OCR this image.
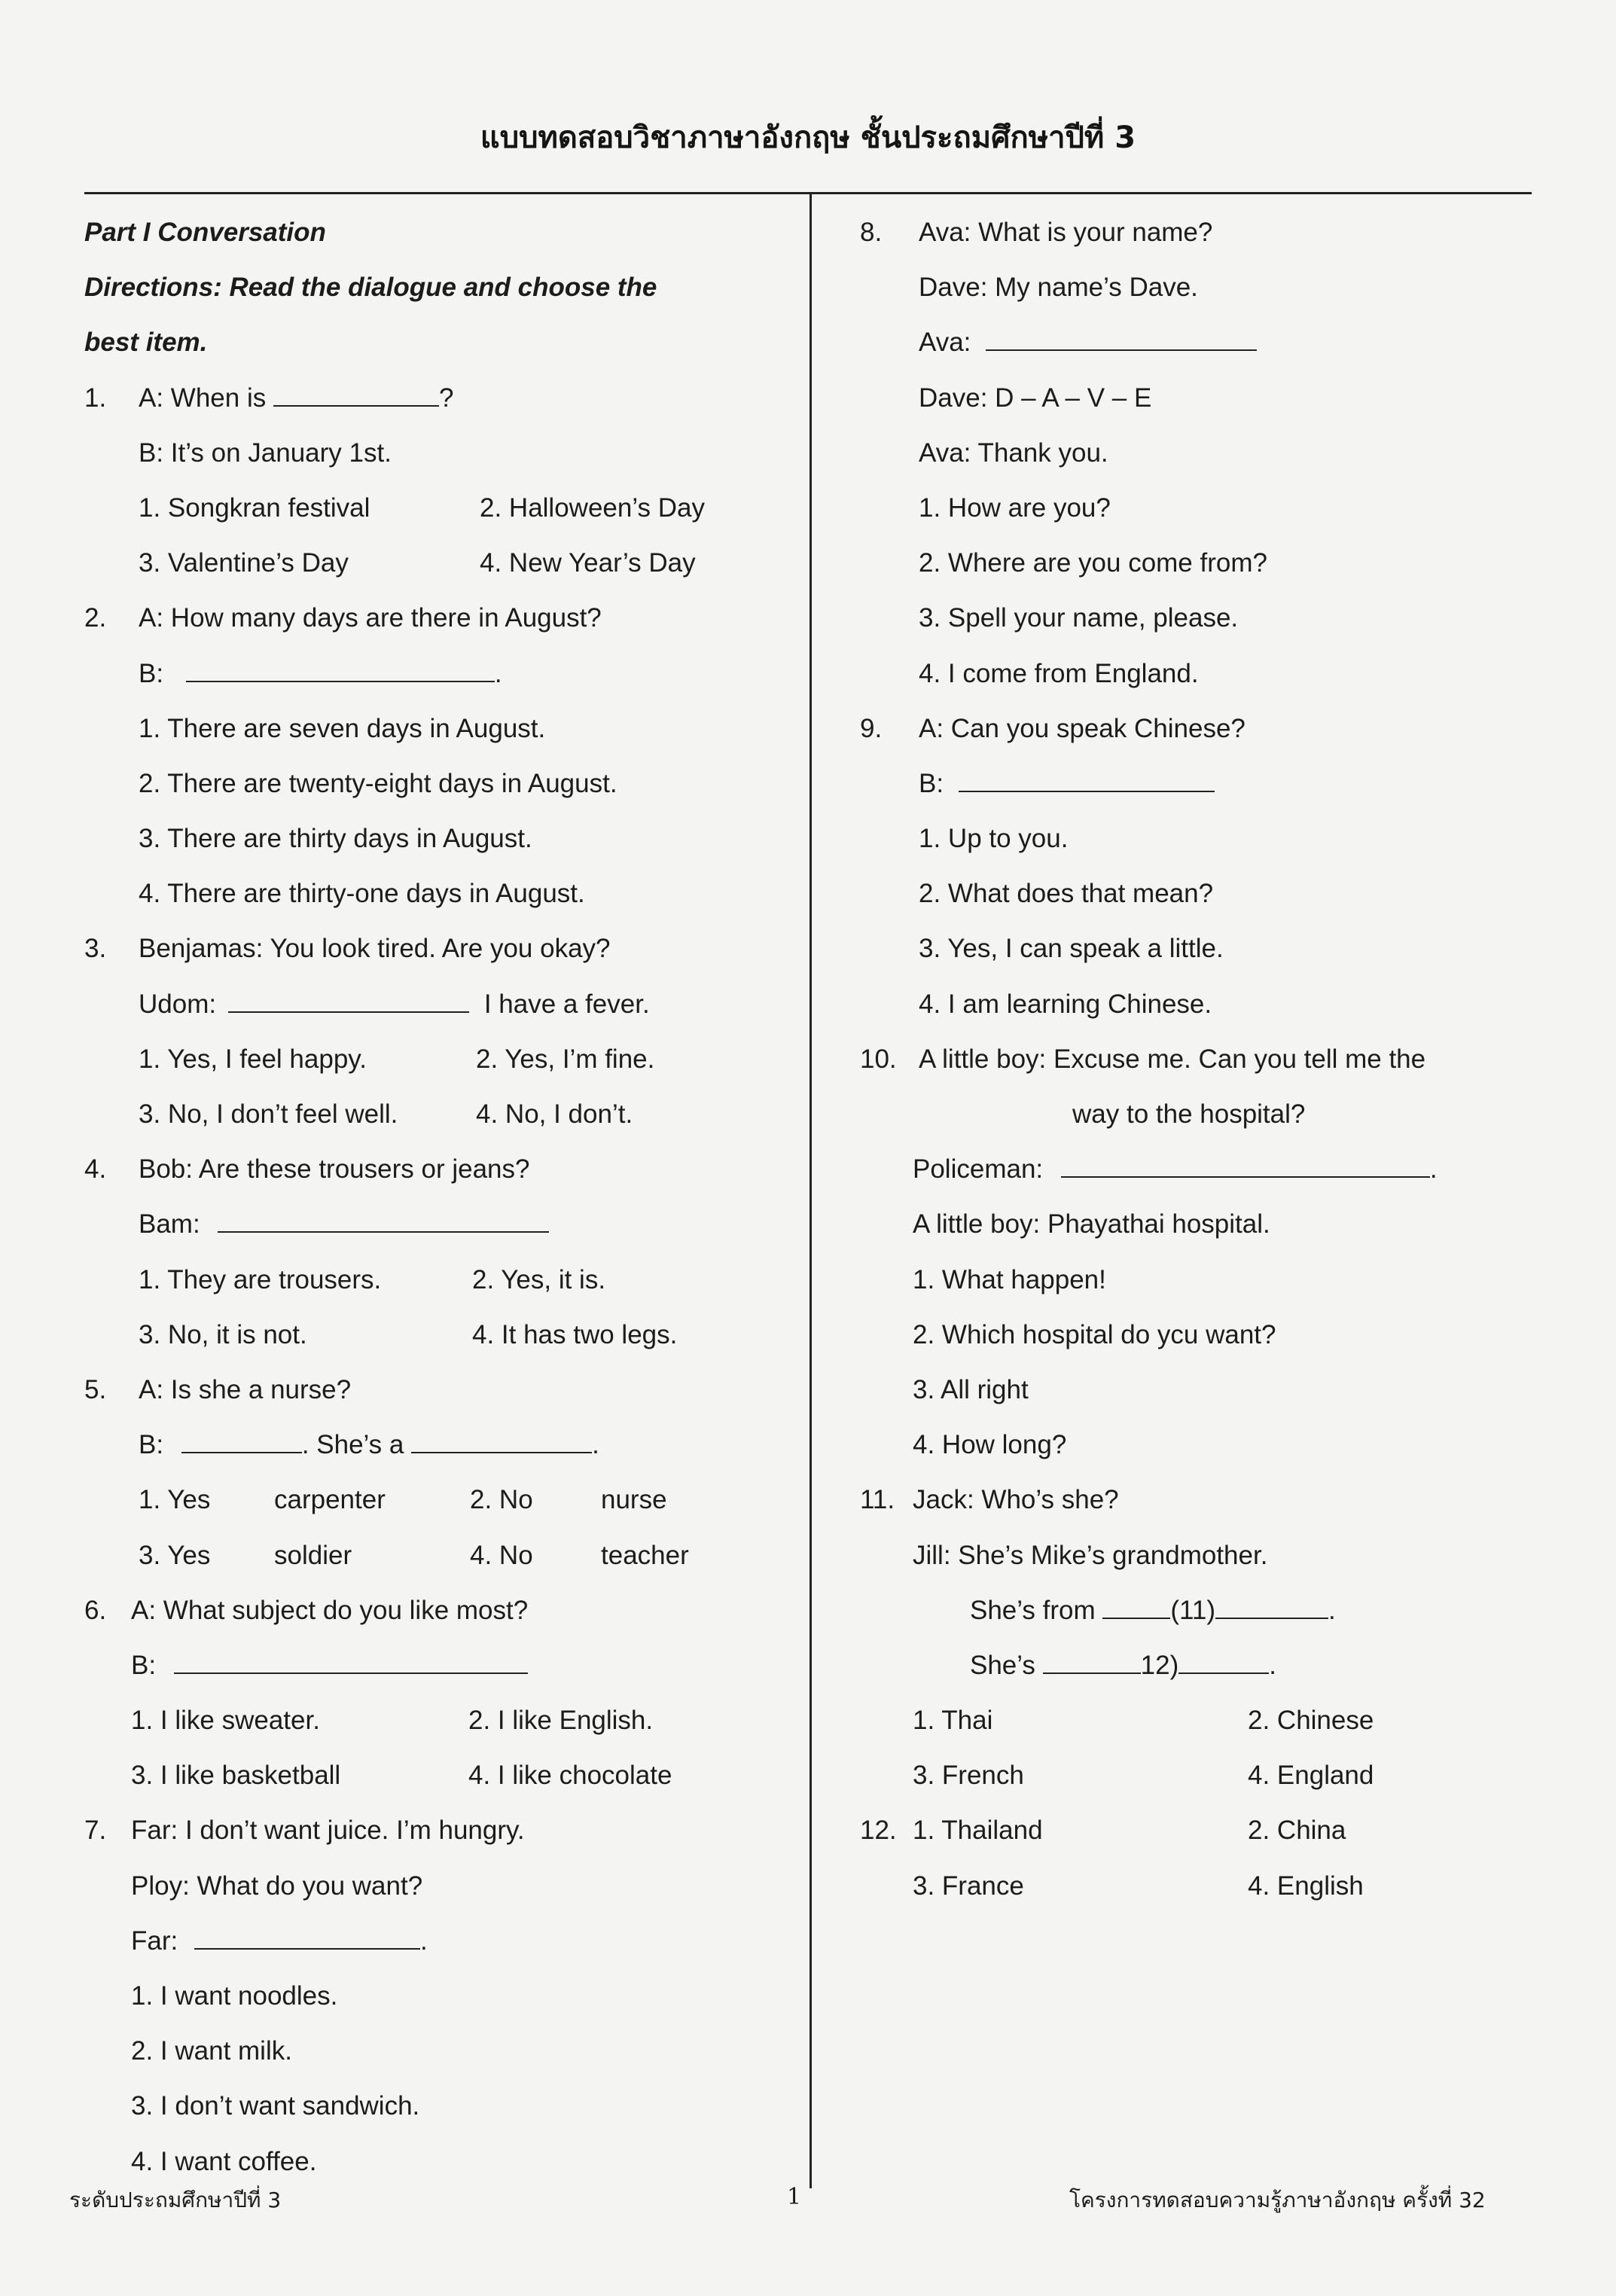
แบบทดสอบวิชาภาษาอังกฤษ ชั้นประถมศึกษาปีที่ 3
Part I Conversation
Directions: Read the dialogue and choose the
best item.
1. A: When is	?
B: It’s on January 1st.
1. Songkran festival	2. Halloween’s Day
3. Valentine’s Day	4. New Year’s Day
2. A: How many days are there in August?
B:	.
1. There are seven days in August.
2. There are twenty-eight days in August.
3. There are thirty days in August.
4. There are thirty-one days in August.
3. Benjamas: You look tired. Are you okay?
Udom:	I have a fever.
1. Yes, I feel happy.	2. Yes, I’m fine.
3. No, I don’t feel well.	4. No, I don’t.
4. Bob: Are these trousers or jeans?
Bam:
1. They are trousers.	2. Yes, it is.
3. No, it is not.	4. It has two legs.
5. A: Is she a nurse?
B:	. She’s a	.
1. Yes carpenter	2. No	nurse
3. Yes soldier	4. No	teacher
6. A: What subject do you like most?
B:
1. I like sweater.	2. I like English.
3. I like basketball	4. I like chocolate
7. Far: I don’t want juice. I’m hungry.
Ploy: What do you want?
Far:	.
1. I want noodles.
2. I want milk.
3. I don’t want sandwich.
4. I want coffee.
8. Ava: What is your name?
Dave: My name’s Dave.
Ava:
Dave: D – A – V – E
Ava: Thank you.
1. How are you?
2. Where are you come from?
3. Spell your name, please.
4. I come from England.
9. A: Can you speak Chinese?
B:
1. Up to you.
2. What does that mean?
3. Yes, I can speak a little.
4. I am learning Chinese.
10. A little boy: Excuse me. Can you tell me the
way to the hospital?
Policeman:	.
A little boy: Phayathai hospital.
1. What happen!
2. Which hospital do ycu want?
3. All right
4. How long?
11. Jack: Who’s she?
Jill: She’s Mike’s grandmother.
She’s from	(11)	.
She’s	12)	.
1. Thai	2. Chinese
3. French	4. England
12. 1. Thailand	2. China
3. France	4. English
ระดับประถมศึกษาปีที่ 3	1	โครงการทดสอบความรู้ภาษาอังกฤษ ครั้งที่ 32
